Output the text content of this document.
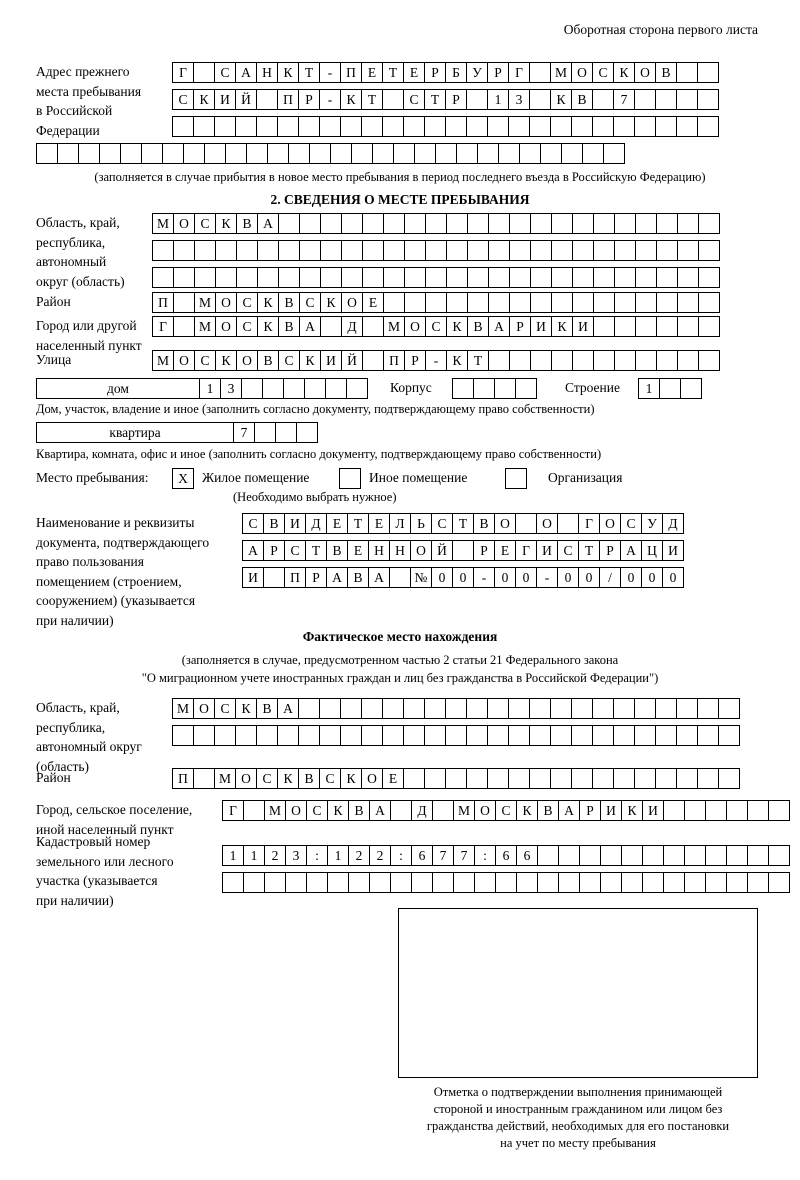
Оборотная сторона первого листа
Адрес прежнего
места пребывания
в Российской
Федерации
Г	С А Н К Т	-	П Е Т Е Р Б У Р Г	М О С К О В
С К И Й	П Р	-	К Т	С Т Р	1	3	К В	7
(заполняется в случае прибытия в новое место пребывания в период последнего въезда в Российскую Федерацию)
2. СВЕДЕНИЯ О МЕСТЕ ПРЕБЫВАНИЯ
Область, край,
республика,
автономный
округ (область)
М О С К В А
Район	П	М О С К В С К О Е
Город или другой
населенный пункт
Г	М О С К В А	Д	М О С К В А Р И К И
Улица	М О С К О В С К И Й	П Р	-	К Т
дом	1	3	Корпус	Строение	1
Дом, участок, владение и иное (заполнить согласно документу, подтверждающему право собственности)
квартира	7
Квартира, комната, офис и иное (заполнить согласно документу, подтверждающему право собственности)
Место пребывания:	Х	Жилое помещение	Иное помещение	Организация
(Необходимо выбрать нужное)
Наименование и реквизиты
документа, подтверждающего
право пользования
помещением (строением,
сооружением) (указывается
при наличии)
С В И Д Е Т Е Л Ь С Т В О	О	Г О С У Д
А Р С Т В Е Н Н О Й	Р Е Г И С Т Р А Ц И
И	П Р А В А	№ 0	0	-	0	0	-	0	0	/	0	0	0
Фактическое место нахождения
(заполняется в случае, предусмотренном частью 2 статьи 21 Федерального закона
"О миграционном учете иностранных граждан и лиц без гражданства в Российской Федерации")
Область, край,
республика,
автономный округ
(область)
М О С К В А
Район	П	М О С К В С К О Е
Город, сельское поселение,
иной населенный пункт
Г	М О С К В А	Д	М О С К В А Р И К И
Кадастровый номер
земельного или лесного
участка (указывается
при наличии)
1	1	2	3	:	1	2	2	:	6	7	7	:	6	6
Отметка о подтверждении выполнения принимающей
стороной и иностранным гражданином или лицом без
гражданства действий, необходимых для его постановки
на учет по месту пребывания
